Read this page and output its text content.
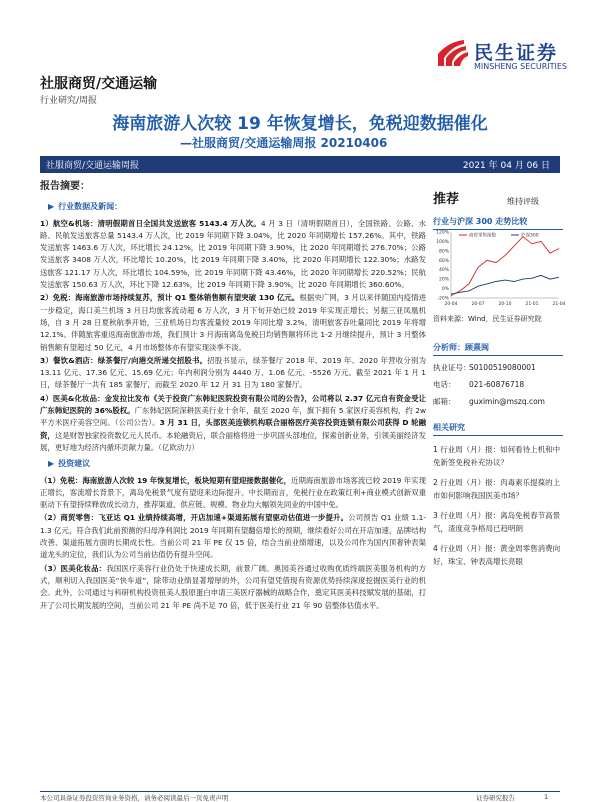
民生证券
MINSHENG SECURITIES
社服商贸/交通运输
行业研究/周报
海南旅游人次较 19 年恢复增长，免税迎数据催化
—社服商贸/交通运输周报 20210406
社服商贸/交通运输周报	2021 年 04 月 06 日
报告摘要：
▶ 行业数据及新闻：

1）航空&机场：清明假期首日全国共发送旅客 5143.4 万人次。4 月 3 日（清明假期首日），全国铁路、公路、水路、民航发送旅客总量 5143.4 万人次，比 2019 年同期下降 3.04%，比 2020 年同期增长 157.26%。其中，铁路发送旅客 1463.6 万人次，环比增长 24.12%，比 2019 年同期下降 3.90%，比 2020 年同期增长 276.70%；公路发送旅客 3408 万人次，环比增长 10.20%，比 2019 年同期下降 3.40%，比 2020 年同期增长 122.30%；水路发送旅客 121.17 万人次，环比增长 104.59%，比 2019 年同期下降 43.46%，比 2020 年同期增长 220.52%；民航发送旅客 150.63 万人次，环比下降 12.63%，比 2019 年同期下降 3.90%，比 2020 年同期增长 360.60%。

2）免税：海南旅游市场持续复苏，预计 Q1 整体销售额有望突破 130 亿元。根据央广网，3 月以来伴随国内疫情进一步稳定，海口美兰机场 3 月日均旅客流动超 6 万人次，3 月下旬开始已较 2019 年实现正增长；另据三亚凤凰机场，自 3 月 28 日夏秋航季开始，三亚机场日均客流量较 2019 年同比增 3.2%，清明旅客吞吐量同比 2019 年将增 12.1%。伴随旅客重返海南旅游市场，我们预计 3 月海南离岛免税日均销售额将环比 1-2 月继续提升，预计 3 月整体销售额有望超过 50 亿元，4 月市场整体亦有望实现淡季不淡。

3）餐饮&酒店：绿茶餐厅/向港交所递交招股书。招股书显示，绿茶餐厅 2018 年、2019 年、2020 年营收分别为 13.11 亿元、17.36 亿元、15.69 亿元；年内利润分别为 4440 万、1.06 亿元、-5526 万元。截至 2021 年 1 月 1 日，绿茶餐厅一共有 185 家餐厅，而截至 2020 年 12 月 31 日为 180 家餐厅。

4）医美&化妆品：金发拉比发布《关于投资广东韩妃医院投资有限公司的公告》，公司将以 2.37 亿元自有资金受让广东韩妃医院的 36%股权。广东韩妃医院深耕医美行业十余年，截至 2020 年，旗下拥有 5 家医疗美容机构，约 2w 平方米医疗美容空间。（公司公告）。3 月 31 日，头部医美连锁机构联合丽格医疗美容投资连锁有限公司获得 D 轮融资，这是财智独家投资数亿元人民币。本轮融资后，联合丽格将进一步巩固头部地位，探索创新业务，引领美丽经济发展，更好地为经济内循环贡献力量。（亿欧动力）

▶ 投资建议

（1）免税：海南旅游人次较 19 年恢复增长，板块短期有望迎接数据催化，近期海南旅游市场客流已较 2019 年实现正增长，客流增长背景下，离岛免税景气度有望迎来边际提升。中长期而言，免税行业在政策红利+商业模式创新双重驱动下有望持续释放成长动力，推荐渠道、供应链、规模、物业均大幅领先同业的中国中免。

（2）商贸零售：飞亚达 Q1 业绩持续高增，开店加速+渠道拓展有望驱动估值进一步提升。公司预告 Q1 业绩 1.1-1.3 亿元，符合我们此前预测的归母净利润比 2019 年同期有望翻倍增长的预期，继续看好公司在开店加速，品牌结构改善、渠道拓展方面的长期成长性。当前公司 21 年 PE 仅 15 倍，结合当前业绩增速，以及公司作为国内顶奢钟表渠道龙头的定位，我们认为公司当前估值仍有提升空间。

（3）医美化妆品：我国医疗美容行业仍处于快速成长期，前景广阔。奥园美谷通过收购优质终端医美服务机构的方式，顺利切入我国医美“快车道”，除带动业绩显著增厚的外，公司有望凭借现有资源优势持续深度挖掘医美行业的机会。此外，公司通过与科研机构投资扭美人股原蛋白申请三美医疗器械的战略合作，奠定其医美科技赋发展的基础，打开了公司长期发展的空间，当前公司 21 年 PE 尚不足 70 倍，低于医美行业 21 年 90 倍整体估值水平。

推荐	维持评级
行业与沪深 300 走势比较
-20%
0%
20%
40%
60%
80%
100%
120%
20-04	20-07	20-10	21-01	21-04
商贸零售指数	沪深300
资料来源：Wind，民生证券研究院
分析师：顾熹闽
执业证号：S0100519080001
电话： 021-60876718
邮箱： guximin@mszq.com
相关研究
1 行业周（月）报：如何看待上机和中免新签免税补充协议？
2 行业周（月）报：肉毒素乐提葆的上市如何影响我国医美市场？
3 行业周（月）报：离岛免税春节高景气，渣度竞争格局已趋明朗
4 行业周（月）报：黄金周零售消费向好，珠宝、钟表高增长亮眼
本公司具备证券投资咨询业务资格，请务必阅读最后一页免责声明	证券研究报告	1
